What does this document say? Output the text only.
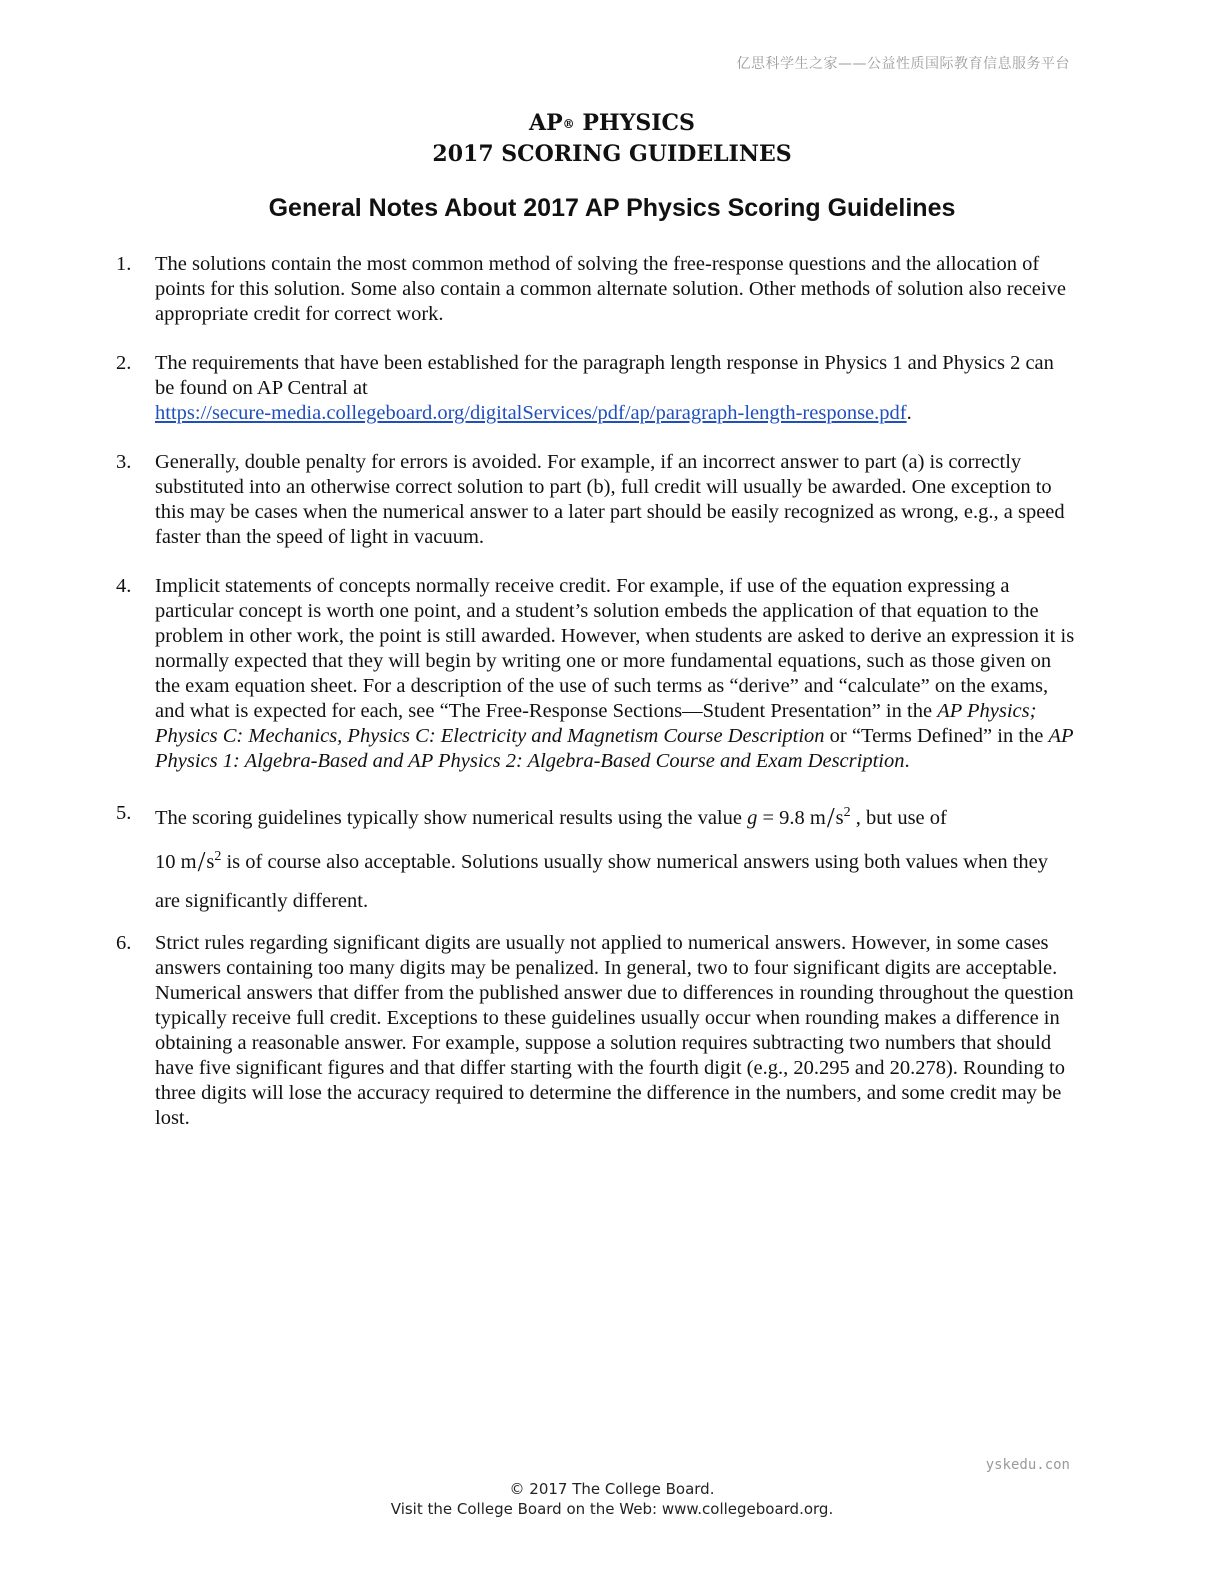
亿思科学生之家——公益性质国际教育信息服务平台
AP® PHYSICS
2017 SCORING GUIDELINES
General Notes About 2017 AP Physics Scoring Guidelines
1. The solutions contain the most common method of solving the free-response questions and the allocation of points for this solution. Some also contain a common alternate solution. Other methods of solution also receive appropriate credit for correct work.
2. The requirements that have been established for the paragraph length response in Physics 1 and Physics 2 can be found on AP Central at
https://secure-media.collegeboard.org/digitalServices/pdf/ap/paragraph-length-response.pdf.
3. Generally, double penalty for errors is avoided. For example, if an incorrect answer to part (a) is correctly substituted into an otherwise correct solution to part (b), full credit will usually be awarded. One exception to this may be cases when the numerical answer to a later part should be easily recognized as wrong, e.g., a speed faster than the speed of light in vacuum.
4. Implicit statements of concepts normally receive credit. For example, if use of the equation expressing a particular concept is worth one point, and a student’s solution embeds the application of that equation to the problem in other work, the point is still awarded. However, when students are asked to derive an expression it is normally expected that they will begin by writing one or more fundamental equations, such as those given on the exam equation sheet. For a description of the use of such terms as “derive” and “calculate” on the exams, and what is expected for each, see “The Free-Response Sections—Student Presentation” in the AP Physics; Physics C: Mechanics, Physics C: Electricity and Magnetism Course Description or “Terms Defined” in the AP Physics 1: Algebra-Based and AP Physics 2: Algebra-Based Course and Exam Description.
5. The scoring guidelines typically show numerical results using the value g = 9.8 $m/s^2$ , but use of
10 $m/s^2$ is of course also acceptable. Solutions usually show numerical answers using both values when they are significantly different.
6. Strict rules regarding significant digits are usually not applied to numerical answers. However, in some cases answers containing too many digits may be penalized. In general, two to four significant digits are acceptable. Numerical answers that differ from the published answer due to differences in rounding throughout the question typically receive full credit. Exceptions to these guidelines usually occur when rounding makes a difference in obtaining a reasonable answer. For example, suppose a solution requires subtracting two numbers that should have five significant figures and that differ starting with the fourth digit (e.g., 20.295 and 20.278). Rounding to three digits will lose the accuracy required to determine the difference in the numbers, and some credit may be lost.
yskedu.con
© 2017 The College Board.
Visit the College Board on the Web: www.collegeboard.org.
